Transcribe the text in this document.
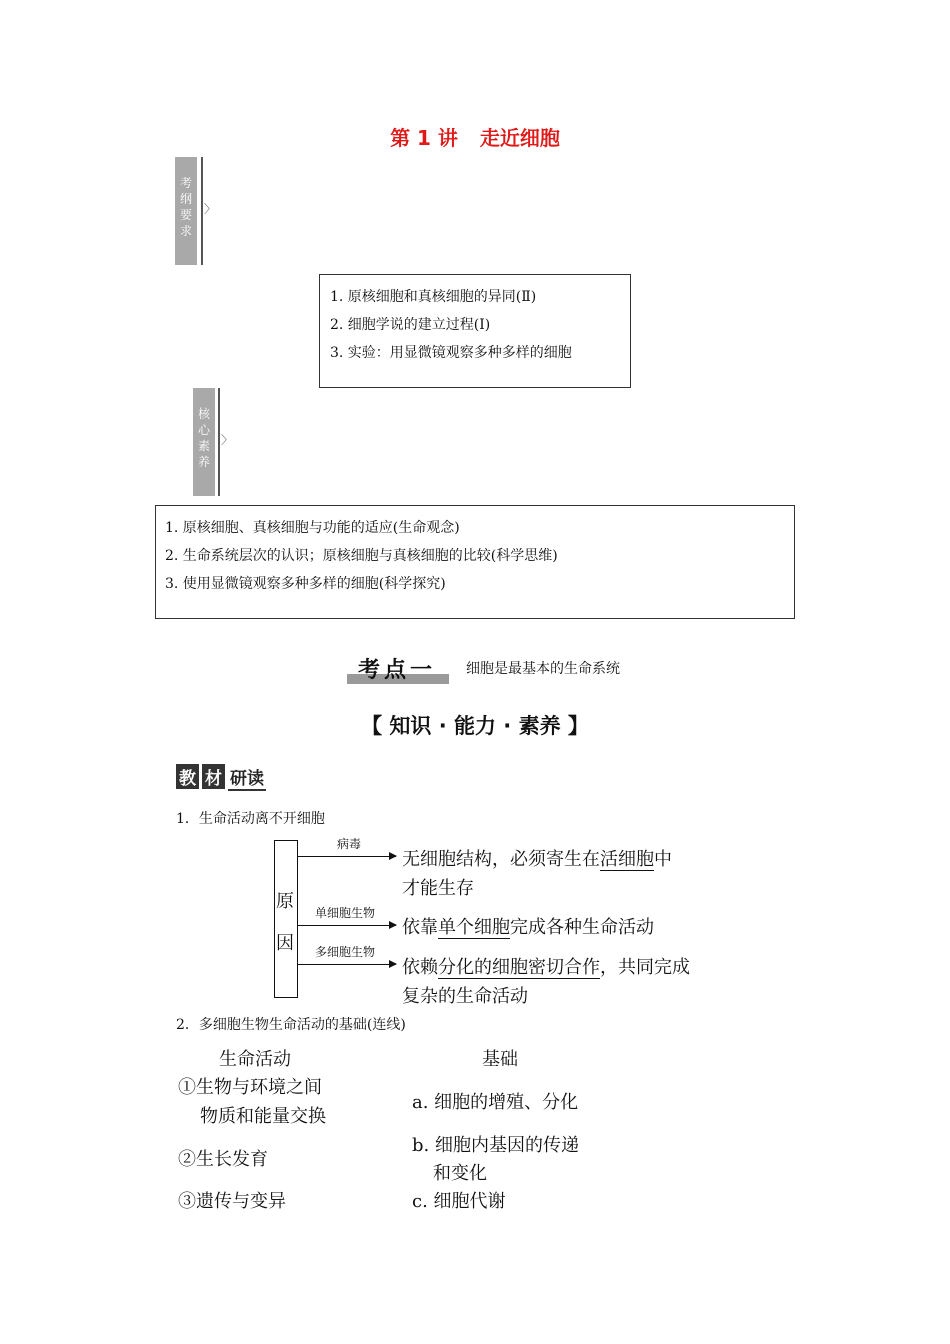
第 1 讲 走近细胞
考
纲
要
求
〉
1. 原核细胞和真核细胞的异同(Ⅱ)
2. 细胞学说的建立过程(Ⅰ)
3. 实验：用显微镜观察多种多样的细胞
核
心
素
养
〉
1. 原核细胞、真核细胞与功能的适应(生命观念)
2. 生命系统层次的认识；原核细胞与真核细胞的比较(科学思维)
3. 使用显微镜观察多种多样的细胞(科学探究)
考点一 细胞是最基本的生命系统
【 知识 · 能力 · 素养 】
教 材 研读
1．生命活动离不开细胞
原
因
病毒
无细胞结构，必须寄生在活细胞中
才能生存
单细胞生物
依靠单个细胞完成各种生命活动
多细胞生物
依赖分化的细胞密切合作，共同完成
复杂的生命活动
2．多细胞生物生命活动的基础(连线)
生命活动	基础
①生物与环境之间
物质和能量交换
②生长发育
③遗传与变异
a. 细胞的增殖、分化
b. 细胞内基因的传递
和变化
c. 细胞代谢
